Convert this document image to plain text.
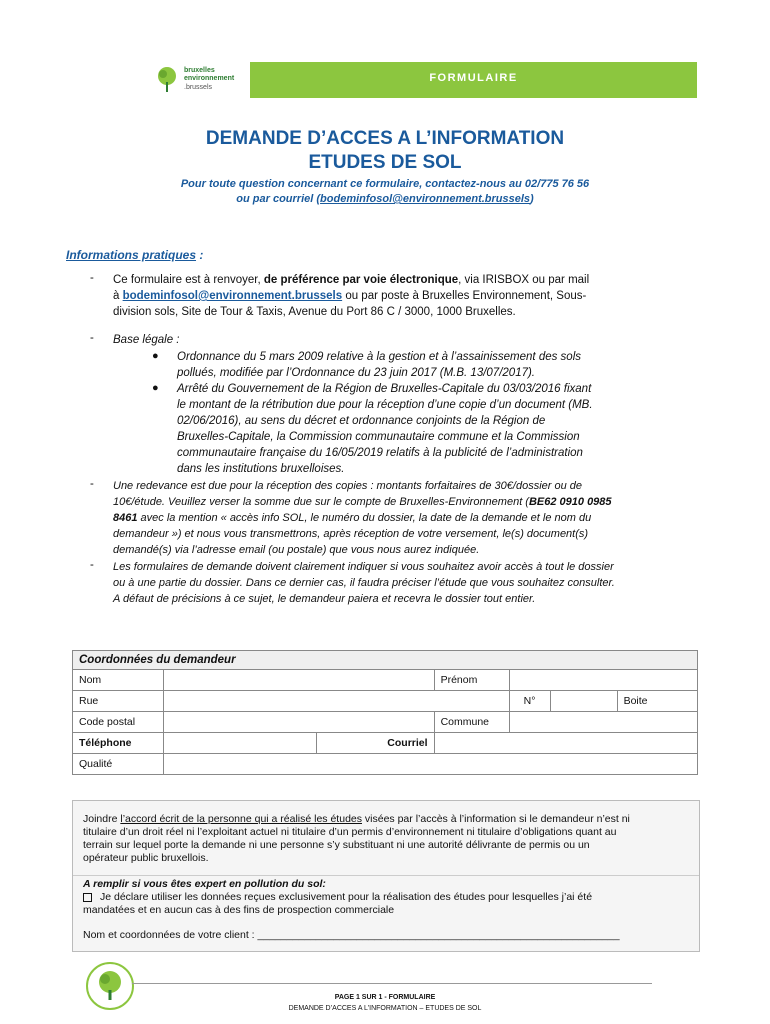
bruxelles
environnement
.brussels
FORMULAIRE
DEMANDE D’ACCES A L’INFORMATION
ETUDES DE SOL
Pour toute question concernant ce formulaire, contactez-nous au 02/775 76 56
ou par courriel (bodeminfosol@environnement.brussels)
Informations pratiques :
- Ce formulaire est à renvoyer, de préférence par voie électronique, via IRISBOX ou par mail
à bodeminfosol@environnement.brussels ou par poste à Bruxelles Environnement, Sous-
division sols, Site de Tour & Taxis, Avenue du Port 86 C / 3000, 1000 Bruxelles.
- Base légale :
● Ordonnance du 5 mars 2009 relative à la gestion et à l’assainissement des sols
pollués, modifiée par l’Ordonnance du 23 juin 2017 (M.B. 13/07/2017).
● Arrêté du Gouvernement de la Région de Bruxelles-Capitale du 03/03/2016 fixant
le montant de la rétribution due pour la réception d’une copie d’un document (MB.
02/06/2016), au sens du décret et ordonnance conjoints de la Région de
Bruxelles-Capitale, la Commission communautaire commune et la Commission
communautaire française du 16/05/2019 relatifs à la publicité de l’administration
dans les institutions bruxelloises.
- Une redevance est due pour la réception des copies : montants forfaitaires de 30€/dossier ou de
10€/étude. Veuillez verser la somme due sur le compte de Bruxelles-Environnement (BE62 0910 0985
8461 avec la mention « accès info SOL, le numéro du dossier, la date de la demande et le nom du
demandeur ») et nous vous transmettrons, après réception de votre versement, le(s) document(s)
demandé(s) via l’adresse email (ou postale) que vous nous aurez indiquée.
- Les formulaires de demande doivent clairement indiquer si vous souhaitez avoir accès à tout le dossier
ou à une partie du dossier. Dans ce dernier cas, il faudra préciser l’étude que vous souhaitez consulter.
A défaut de précisions à ce sujet, le demandeur paiera et recevra le dossier tout entier.
Coordonnées du demandeur						
Nom			Prénom			
Rue				N°		Boite
Code postal			Commune			
Téléphone		Courriel				
Qualité						
Joindre l’accord écrit de la personne qui a réalisé les études visées par l’accès à l’information si le demandeur n’est ni
titulaire d’un droit réel ni l’exploitant actuel ni titulaire d’un permis d’environnement ni titulaire d’obligations quant au
terrain sur lequel porte la demande ni une personne s’y substituant ni une autorité délivrante de permis ou un
opérateur public bruxellois.
A remplir si vous êtes expert en pollution du sol:
Je déclare utiliser les données reçues exclusivement pour la réalisation des études pour lesquelles j’ai été
mandatées et en aucun cas à des fins de prospection commerciale
Nom et coordonnées de votre client : ______________________________________________________________
PAGE 1 SUR 1 - FORMULAIRE
DEMANDE D’ACCES A L’INFORMATION – ETUDES DE SOL
